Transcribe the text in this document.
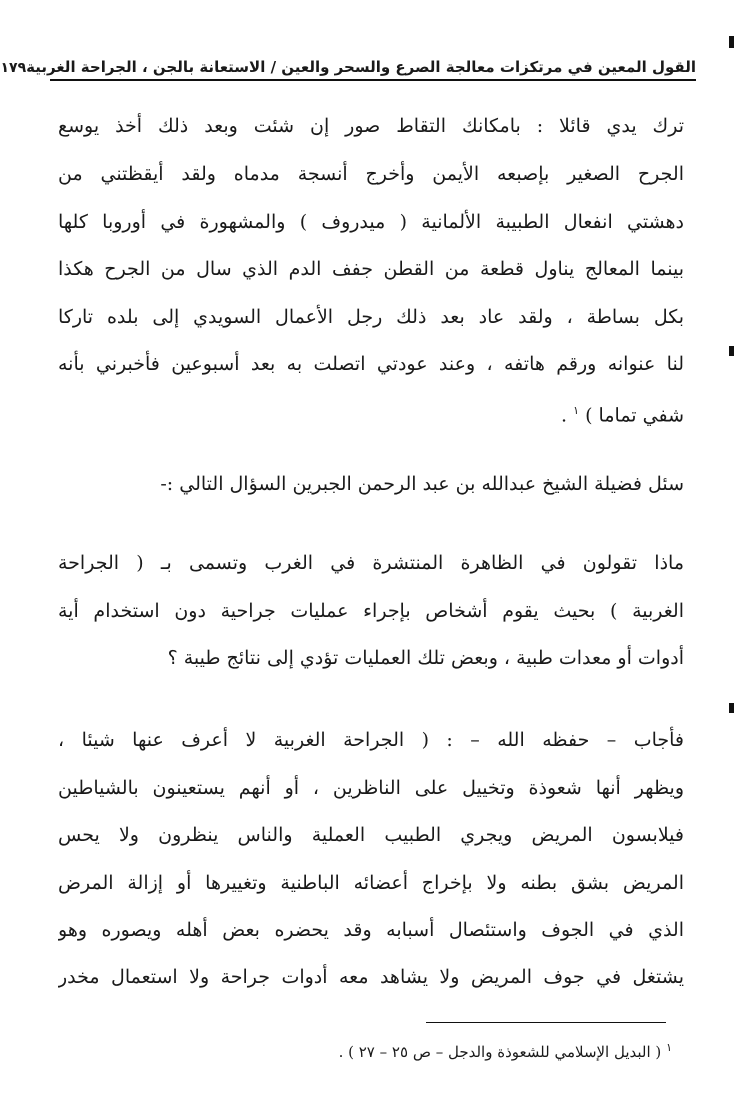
القول المعين في مرتكزات معالجة الصرع والسحر والعين / الاستعانة بالجن ، الجراحة الغربية
١٧٩
ترك يدي قائلا : بامكانك التقاط صور إن شئت وبعد ذلك أخذ يوسع
الجرح الصغير بإصبعه الأيمن وأخرج أنسجة مدماه ولقد أيقظتني من
دهشتي انفعال الطبيبة الألمانية ( ميدروف ) والمشهورة في أوروبا كلها
بينما المعالج يناول قطعة من القطن جفف الدم الذي سال من الجرح هكذا
بكل بساطة ، ولقد عاد بعد ذلك رجل الأعمال السويدي إلى بلده تاركا
لنا عنوانه ورقم هاتفه ، وعند عودتي اتصلت به بعد أسبوعين فأخبرني بأنه
شفي تماما ) $^١$ .
سئل فضيلة الشيخ عبدالله بن عبد الرحمن الجبرين السؤال التالي :-
ماذا تقولون في الظاهرة المنتشرة في الغرب وتسمى بـ ( الجراحة
الغربية ) بحيث يقوم أشخاص بإجراء عمليات جراحية دون استخدام أية
أدوات أو معدات طبية ، وبعض تلك العمليات تؤدي إلى نتائج طيبة ؟
فأجاب – حفظه الله – : ( الجراحة الغربية لا أعرف عنها شيئا ،
ويظهر أنها شعوذة وتخييل على الناظرين ، أو أنهم يستعينون بالشياطين
فيلابسون المريض ويجري الطبيب العملية والناس ينظرون ولا يحس
المريض بشق بطنه ولا بإخراج أعضائه الباطنية وتغييرها أو إزالة المرض
الذي في الجوف واستئصال أسبابه وقد يحضره بعض أهله ويصوره وهو
يشتغل في جوف المريض ولا يشاهد معه أدوات جراحة ولا استعمال مخدر
$^١$ ( البديل الإسلامي للشعوذة والدجل – ص ٢٥ – ٢٧ ) .
